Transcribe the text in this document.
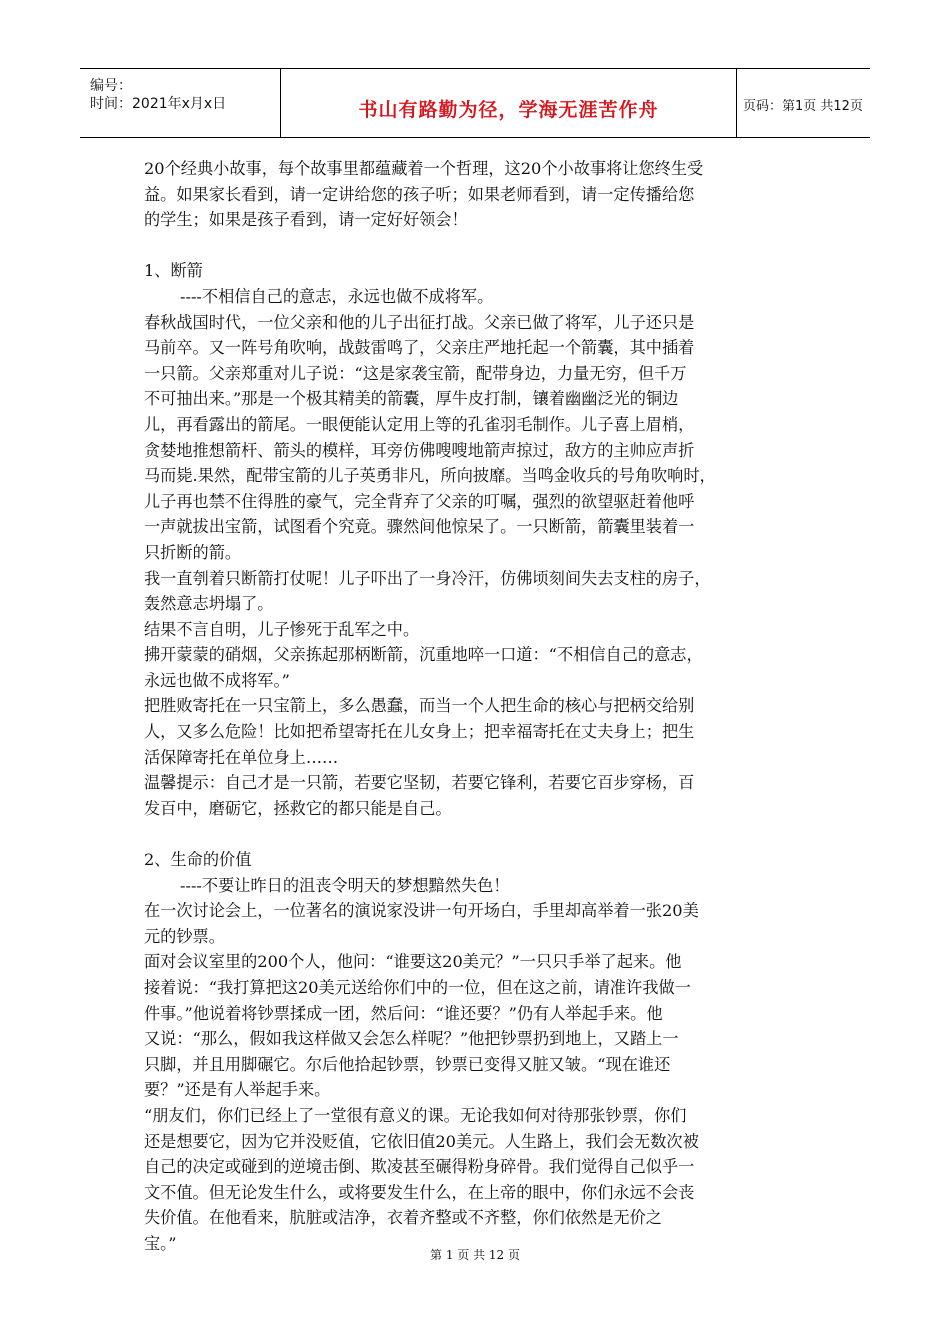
编号：
时间：2021年x月x日	书山有路勤为径，学海无涯苦作舟	页码：第1页 共12页

20个经典小故事，每个故事里都蕴藏着一个哲理，这20个小故事将让您终生受

益。如果家长看到，请一定讲给您的孩子听；如果老师看到，请一定传播给您

的学生；如果是孩子看到，请一定好好领会！

1、断箭

----不相信自己的意志，永远也做不成将军。

春秋战国时代，一位父亲和他的儿子出征打战。父亲已做了将军，儿子还只是

马前卒。又一阵号角吹响，战鼓雷鸣了，父亲庄严地托起一个箭囊，其中插着

一只箭。父亲郑重对儿子说：“这是家袭宝箭，配带身边，力量无穷，但千万

不可抽出来。”那是一个极其精美的箭囊，厚牛皮打制，镶着幽幽泛光的铜边

儿，再看露出的箭尾。一眼便能认定用上等的孔雀羽毛制作。儿子喜上眉梢，

贪婪地推想箭杆、箭头的模样，耳旁仿佛嗖嗖地箭声掠过，敌方的主帅应声折

马而毙.果然，配带宝箭的儿子英勇非凡，所向披靡。当鸣金收兵的号角吹响时，

儿子再也禁不住得胜的豪气，完全背弃了父亲的叮嘱，强烈的欲望驱赶着他呼

一声就拔出宝箭，试图看个究竟。骤然间他惊呆了。一只断箭，箭囊里装着一

只折断的箭。

我一直刳着只断箭打仗呢！儿子吓出了一身冷汗，仿佛顷刻间失去支柱的房子，

轰然意志坍塌了。

结果不言自明，儿子惨死于乱军之中。

拂开蒙蒙的硝烟，父亲拣起那柄断箭，沉重地啐一口道：“不相信自己的意志，

永远也做不成将军。”

把胜败寄托在一只宝箭上，多么愚蠢，而当一个人把生命的核心与把柄交给别

人，又多么危险！比如把希望寄托在儿女身上；把幸福寄托在丈夫身上；把生

活保障寄托在单位身上……

温馨提示：自己才是一只箭，若要它坚韧，若要它锋利，若要它百步穿杨，百

发百中，磨砺它，拯救它的都只能是自己。

2、生命的价值

----不要让昨日的沮丧令明天的梦想黯然失色！

在一次讨论会上，一位著名的演说家没讲一句开场白，手里却高举着一张20美

元的钞票。

面对会议室里的200个人，他问：“谁要这20美元？”一只只手举了起来。他

接着说：“我打算把这20美元送给你们中的一位，但在这之前，请准许我做一

件事。”他说着将钞票揉成一团，然后问：“谁还要？”仍有人举起手来。他

又说：“那么，假如我这样做又会怎么样呢？”他把钞票扔到地上，又踏上一

只脚，并且用脚碾它。尔后他拾起钞票，钞票已变得又脏又皱。“现在谁还

要？”还是有人举起手来。

“朋友们，你们已经上了一堂很有意义的课。无论我如何对待那张钞票，你们

还是想要它，因为它并没贬值，它依旧值20美元。人生路上，我们会无数次被

自己的决定或碰到的逆境击倒、欺凌甚至碾得粉身碎骨。我们觉得自己似乎一

文不值。但无论发生什么，或将要发生什么，在上帝的眼中，你们永远不会丧

失价值。在他看来，肮脏或洁净，衣着齐整或不齐整，你们依然是无价之

宝。”

第 1 页 共 12 页
